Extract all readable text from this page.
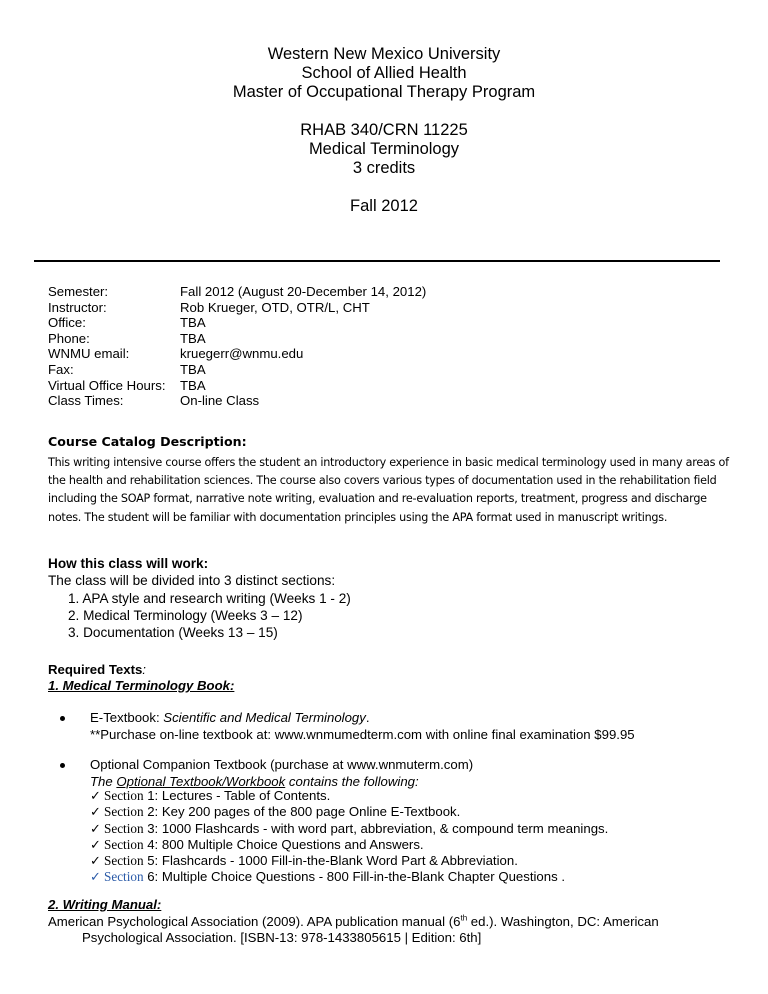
Western New Mexico University
School of Allied Health
Master of Occupational Therapy Program
RHAB 340/CRN 11225
Medical Terminology
3 credits
Fall 2012
Semester:	Fall 2012 (August 20-December 14, 2012)
Instructor:	Rob Krueger, OTD, OTR/L, CHT
Office:	TBA
Phone:	TBA
WNMU email:	kruegerr@wnmu.edu
Fax:	TBA
Virtual Office Hours:	TBA
Class Times:	On-line Class
Course Catalog Description:
This writing intensive course offers the student an introductory experience in basic medical terminology used in many areas of the health and rehabilitation sciences. The course also covers various types of documentation used in the rehabilitation field including the SOAP format, narrative note writing, evaluation and re-evaluation reports, treatment, progress and discharge notes. The student will be familiar with documentation principles using the APA format used in manuscript writings.
How this class will work:
The class will be divided into 3 distinct sections:
1. APA style and research writing (Weeks 1 - 2)
2. Medical Terminology (Weeks 3 – 12)
3. Documentation (Weeks 13 – 15)
Required Texts:
1. Medical Terminology Book:
E-Textbook: Scientific and Medical Terminology.
**Purchase on-line textbook at: www.wnmumedterm.com with online final examination $99.95
Optional Companion Textbook (purchase at www.wnmuterm.com)
The Optional Textbook/Workbook contains the following:
✓ Section 1: Lectures - Table of Contents.
✓ Section 2: Key 200 pages of the 800 page Online E-Textbook.
✓ Section 3: 1000 Flashcards - with word part, abbreviation, & compound term meanings.
✓ Section 4: 800 Multiple Choice Questions and Answers.
✓ Section 5: Flashcards - 1000 Fill-in-the-Blank Word Part & Abbreviation.
✓ Section 6: Multiple Choice Questions - 800 Fill-in-the-Blank Chapter Questions .
2. Writing Manual:
American Psychological Association (2009). APA publication manual (6th ed.). Washington, DC: American
Psychological Association. [ISBN-13: 978-1433805615 | Edition: 6th]
